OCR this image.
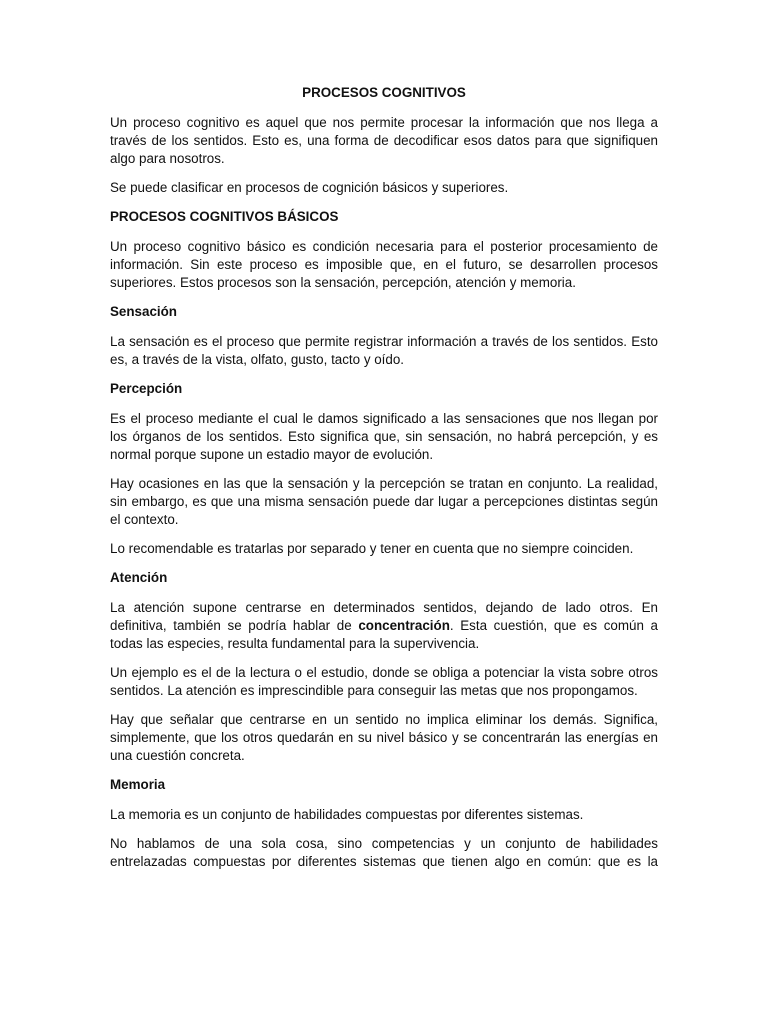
PROCESOS COGNITIVOS

Un proceso cognitivo es aquel que nos permite procesar la información que nos llega a través de los sentidos. Esto es, una forma de decodificar esos datos para que signifiquen algo para nosotros.

Se puede clasificar en procesos de cognición básicos y superiores.

PROCESOS COGNITIVOS BÁSICOS

Un proceso cognitivo básico es condición necesaria para el posterior procesamiento de información. Sin este proceso es imposible que, en el futuro, se desarrollen procesos superiores. Estos procesos son la sensación, percepción, atención y memoria.

Sensación

La sensación es el proceso que permite registrar información a través de los sentidos. Esto es, a través de la vista, olfato, gusto, tacto y oído.

Percepción

Es el proceso mediante el cual le damos significado a las sensaciones que nos llegan por los órganos de los sentidos. Esto significa que, sin sensación, no habrá percepción, y es normal porque supone un estadio mayor de evolución.

Hay ocasiones en las que la sensación y la percepción se tratan en conjunto. La realidad, sin embargo, es que una misma sensación puede dar lugar a percepciones distintas según el contexto.

Lo recomendable es tratarlas por separado y tener en cuenta que no siempre coinciden.

Atención

La atención supone centrarse en determinados sentidos, dejando de lado otros. En definitiva, también se podría hablar de concentración. Esta cuestión, que es común a todas las especies, resulta fundamental para la supervivencia.

Un ejemplo es el de la lectura o el estudio, donde se obliga a potenciar la vista sobre otros sentidos. La atención es imprescindible para conseguir las metas que nos propongamos.

Hay que señalar que centrarse en un sentido no implica eliminar los demás. Significa, simplemente, que los otros quedarán en su nivel básico y se concentrarán las energías en una cuestión concreta.

Memoria

La memoria es un conjunto de habilidades compuestas por diferentes sistemas.

No hablamos de una sola cosa, sino competencias y un conjunto de habilidades entrelazadas compuestas por diferentes sistemas que tienen algo en común: que es la
